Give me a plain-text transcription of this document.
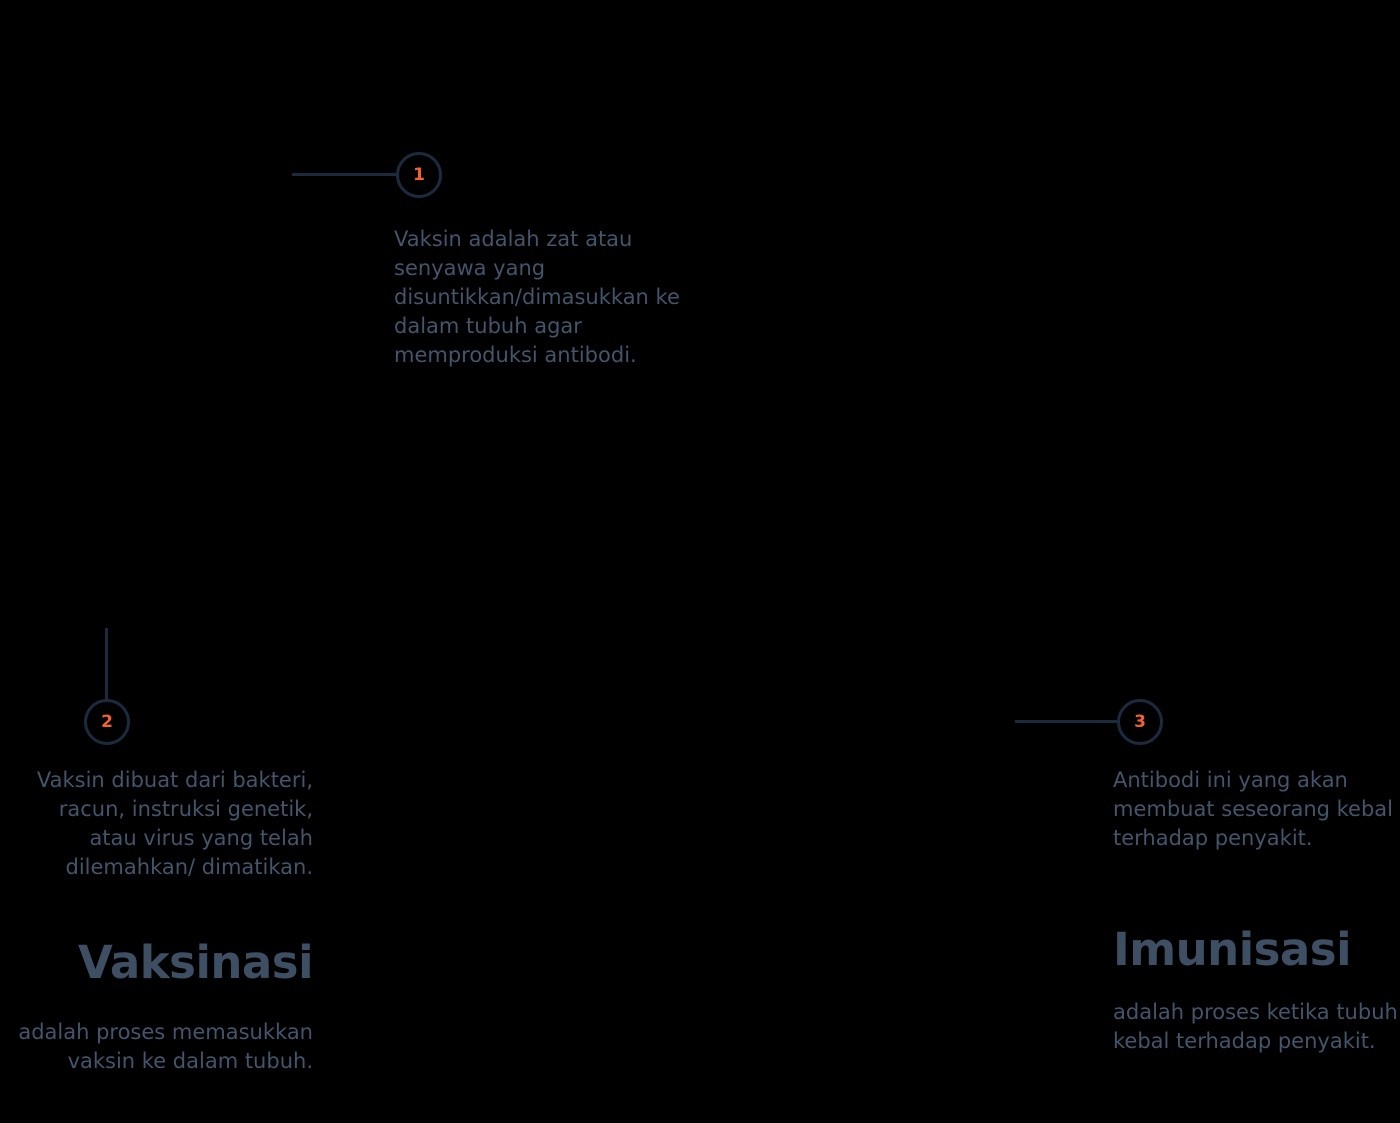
1
Vaksin adalah zat atau senyawa yang disuntikkan/dimasukkan ke dalam tubuh agar memproduksi antibodi.
2
Vaksin dibuat dari bakteri, racun, instruksi genetik, atau virus yang telah dilemahkan/ dimatikan.
Vaksinasi
adalah proses memasukkan vaksin ke dalam tubuh.
3
Antibodi ini yang akan membuat seseorang kebal terhadap penyakit.
Imunisasi
adalah proses ketika tubuh kebal terhadap penyakit.
